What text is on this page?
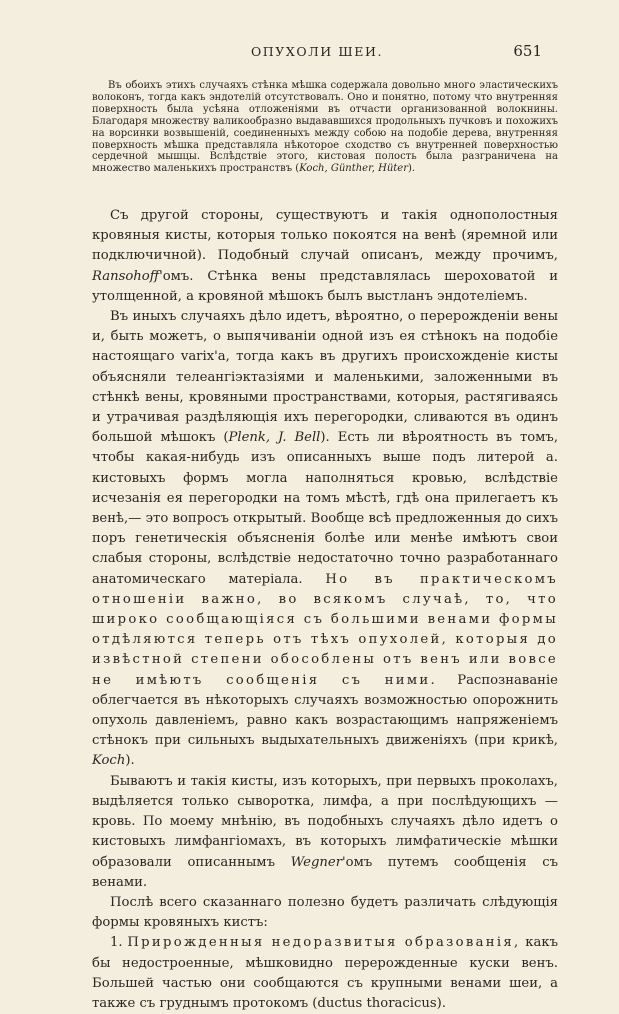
ОПУХОЛИ ШЕИ.	651

Въ обоихъ этихъ случаяхъ стѣнка мѣшка содержала довольно много эластическихъ волоконъ, тогда какъ эндотелій отсутствовалъ. Оно и понятно, потому что внутренняя поверхность была усѣяна отложеніями въ отчасти организованной волокнины. Благодаря множеству валикообразно выдававшихся продольныхъ пучковъ и похожихъ на ворсинки возвышеній, соединенныхъ между собою на подобіе дерева, внутренняя поверхность мѣшка представляла нѣкоторое сходство съ внутренней поверхностью сердечной мышцы. Вслѣдствіе этого, кистовая полость была разграничена на множество маленькихъ пространствъ (Koch, Günther, Hüter).

Съ другой стороны, существуютъ и такія однополостныя кровяныя кисты, которыя только покоятся на венѣ (яремной или подключичной). Подобный случай описанъ, между прочимъ, Ransohoff'омъ. Стѣнка вены представлялась шероховатой и утолщенной, а кровяной мѣшокъ былъ выстланъ эндотеліемъ.

Въ иныхъ случаяхъ дѣло идетъ, вѣроятно, о перерожденіи вены и, быть можетъ, о выпячиваніи одной изъ ея стѣнокъ на подобіе настоящаго varix'а, тогда какъ въ другихъ происхожденіе кисты объясняли телеангіэктазіями и маленькими, заложенными въ стѣнкѣ вены, кровяными пространствами, которыя, растягиваясь и утрачивая раздѣляющія ихъ перегородки, сливаются въ одинъ большой мѣшокъ (Plenk, J. Bell). Есть ли вѣроятность въ томъ, чтобы какая-нибудь изъ описанныхъ выше подъ литерой а. кистовыхъ формъ могла наполняться кровью, вслѣдствіе исчезанія ея перегородки на томъ мѣстѣ, гдѣ она прилегаетъ къ венѣ,— это вопросъ открытый. Вообще всѣ предложенныя до сихъ поръ генетическія объясненія болѣе или менѣе имѣютъ свои слабыя стороны, вслѣдствіе недостаточно точно разработаннаго анатомическаго матеріала. Но въ практическомъ отношеніи важно, во всякомъ случаѣ, то, что широко сообщающіяся съ большими венами формы отдѣляются теперь отъ тѣхъ опухолей, которыя до извѣстной степени обособлены отъ венъ или вовсе не имѣютъ сообщенія съ ними. Распознаваніе облегчается въ нѣкоторыхъ случаяхъ возможностью опорожнить опухоль давленіемъ, равно какъ возрастающимъ напряженіемъ стѣнокъ при сильныхъ выдыхательныхъ движеніяхъ (при крикѣ, Koch).

Бываютъ и такія кисты, изъ которыхъ, при первыхъ проколахъ, выдѣляется только сыворотка, лимфа, а при послѣдующихъ — кровь. По моему мнѣнію, въ подобныхъ случаяхъ дѣло идетъ о кистовыхъ лимфангіомахъ, въ которыхъ лимфатическіе мѣшки образовали описаннымъ Wegner'омъ путемъ сообщенія съ венами.

Послѣ всего сказаннаго полезно будетъ различать слѣдующія формы кровяныхъ кистъ:

1. Прирожденныя недоразвитыя образованія, какъ бы недостроенные, мѣшковидно перерожденные куски венъ. Большей частью они сообщаются съ крупными венами шеи, а также съ груднымъ протокомъ (ductus thoracicus).
